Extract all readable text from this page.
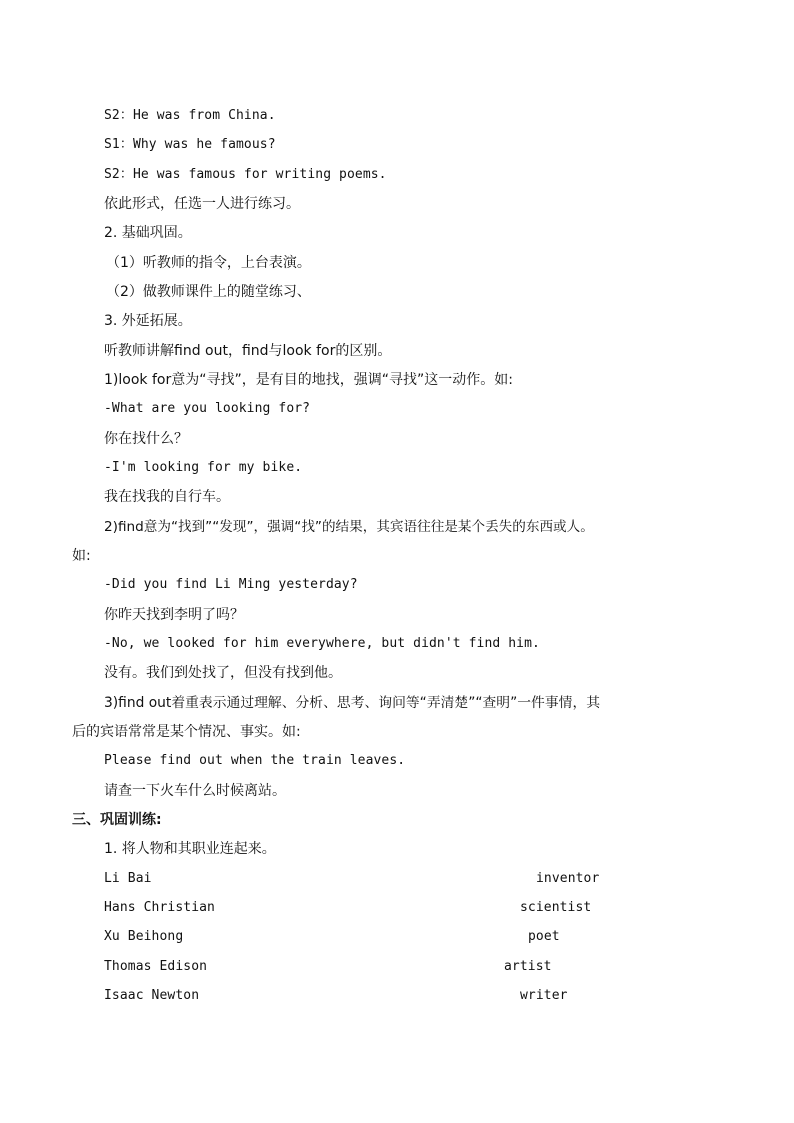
S2：He was from China.
S1：Why was he famous?
S2：He was famous for writing poems.
依此形式，任选一人进行练习。
2. 基础巩固。
（1）听教师的指令，上台表演。
（2）做教师课件上的随堂练习、
3. 外延拓展。
听教师讲解find out，find与look for的区别。
1)look for意为“寻找”，是有目的地找，强调“寻找”这一动作。如:
-What are you looking for?
你在找什么？
-I'm looking for my bike.
我在找我的自行车。
2)find意为“找到”“发现”，强调“找”的结果，其宾语往往是某个丢失的东西或人。
如:
-Did you find Li Ming yesterday?
你昨天找到李明了吗？
-No, we looked for him everywhere, but didn't find him.
没有。我们到处找了，但没有找到他。
3)find out着重表示通过理解、分析、思考、询问等“弄清楚”“查明”一件事情，其
后的宾语常常是某个情况、事实。如:
Please find out when the train leaves.
请查一下火车什么时候离站。
三、巩固训练:
1. 将人物和其职业连起来。
Li Bai	inventor
Hans Christian	scientist
Xu Beihong	poet
Thomas Edison	artist
Isaac Newton	writer
